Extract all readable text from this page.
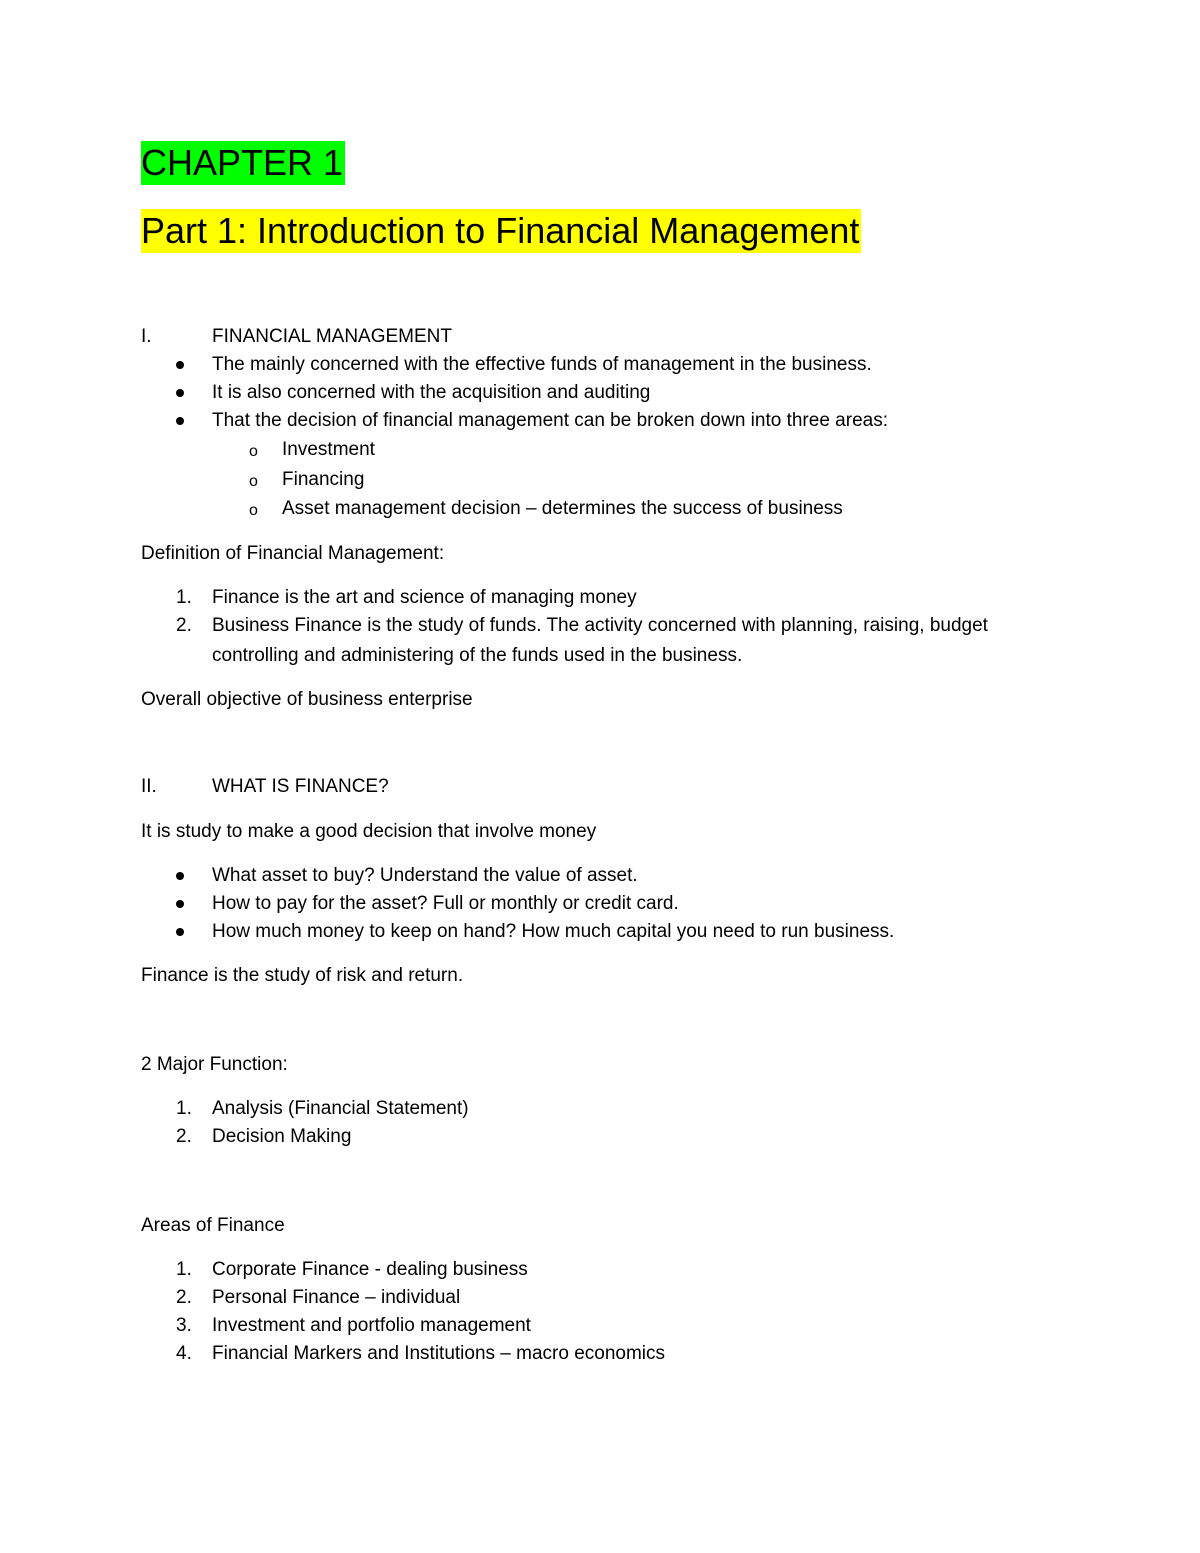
CHAPTER 1
Part 1: Introduction to Financial Management
I.	FINANCIAL MANAGEMENT
The mainly concerned with the effective funds of management in the business.
It is also concerned with the acquisition and auditing
That the decision of financial management can be broken down into three areas:
o Investment
o Financing
o Asset management decision – determines the success of business
Definition of Financial Management:
1. Finance is the art and science of managing money
2. Business Finance is the study of funds. The activity concerned with planning, raising, budget
controlling and administering of the funds used in the business.
Overall objective of business enterprise
II.	WHAT IS FINANCE?
It is study to make a good decision that involve money
What asset to buy? Understand the value of asset.
How to pay for the asset? Full or monthly or credit card.
How much money to keep on hand? How much capital you need to run business.
Finance is the study of risk and return.
2 Major Function:
1. Analysis (Financial Statement)
2. Decision Making
Areas of Finance
1. Corporate Finance - dealing business
2. Personal Finance – individual
3. Investment and portfolio management
4. Financial Markers and Institutions – macro economics
